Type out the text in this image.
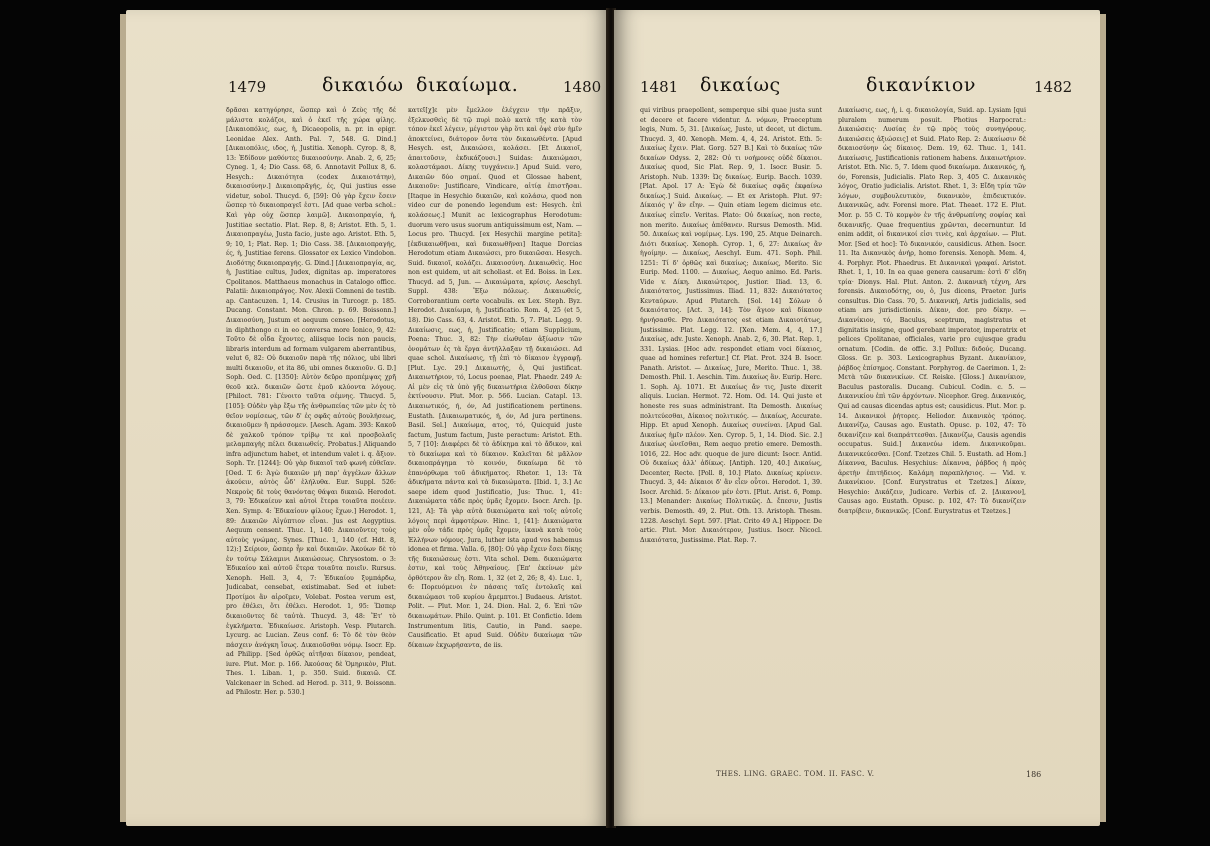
1479	δικαιόω δικαίωμα.	1480

δρᾶσαι κατηγόρησε, ὥσπερ καὶ ὁ Ζεὺς τῆς δέ μάλιστα κολάζοι, καὶ ὁ ἐκεῖ τῆς χώρα φίλης. [Δικαιοπόλις, εως, ἡ, Dicaeopolis, n. pr. in epigr. Leonidae Alex. Anth. Pal. 7, 548. G. Dind.] [Δικαιοπόλις, ιδος, ἡ, Justitia. Xenoph. Cyrop. 8, 8, 13: Ἐδίδουν μαθόντες δικαιοσύνην. Anab. 2, 6, 25; Cyneg. 1, 4; Dio Cass. 68, 6. Annotavit Pollux 8, 6. Hesych.: Δικαιότητα (codex Δικαιοτάτην), δικαιοσύνην.] Δικαιοπρᾶγής, ές, Qui justius esse videtur, sobol. Thucyd. 6, [59]: Οὐ γὰρ ἔχειν ἔσειν ὥσπερ τὸ δικαιοπραγεῖ ἐστι. [Ad quae verba schol.: Καὶ γὰρ οὐχ ὥσπερ λαιμῶ]. Δικαιοπραγία, ἡ, Justitiae sectatio. Plat. Rep. 8, 8; Aristot. Eth. 5, 1. Δικαιοπραγέω, Justa facio, juste ago. Aristot. Eth. 5, 9; 10, 1; Plat. Rep. 1; Dio Cass. 38. [Δικαιοπραγής, ές, ἡ, Justitiae ferens. Glossator ex Lexico Vindobon. Διοδότης δικαιοπραγής. G. Dind.] [Δικαιοπραγία, ας, ἡ, Justitiae cultus, Judex, dignitas ap. imperatores Cpolitanos. Matthaeus monachus in Catalogo officc. Palatii: Δικαιοπράγος. Nov. Alexii Comneni de testib. ap. Cantacuzen. 1, 14. Crusius in Turcogr. p. 185. Ducang. Constant. Mon. Chron. p. 69. Boissonn.] Δικαιοσύνη, Justum et aequum censeo. [Herodotus, in diphthongo ει in eo conversa more Ionico, 9, 42: Τοῦτο δὲ οἶδα ἔχοντες, aliisque locis non paucis, libraris interdum ad formam vulgarem aberrantibus, velut 6, 82: Οὐ δικαιοῦν παρὰ τῆς πόλιος, ubi libri multi δικαιοῦν, et ita 86, ubi omnes δικαιοῦν. G. D.] Soph. Oed. C. [1350]: Αὐτὸν δεῦρο προπέμψας χρῆ θεοῦ κελ. δικαιῶν ὥστε ἐμοῦ κλύοντα λόγους. [Philoct. 781: Γένοιτο ταῦτα σέμνης. Thucyd. 5, [105]: Οὐδὲν γὰρ ἔξω τῆς ἀνθρωπείας τῶν μὲν ἐς τὸ θεῖον νομίσεως, τῶν δ' ἐς σφᾶς αὐτοὺς βουλήσεως, δικαιοῦμεν ἢ πράσσομεν. [Aesch. Agam. 393: Κακοῦ δὲ χαλκοῦ τρόπον τρίβῳ τε καὶ προσβολαῖς μελαμπαγὴς πέλει δικαιωθείς. Probatus.] Aliquando infra adjunctum habet, et intendum valet i. q. ἄξιον. Soph. Tr. [1244]: Οὐ γὰρ δικαιοῖ ταῦ φωνὴ εὐθεῖαν. [Oed. T. 6: Ἁγὼ δικαιῶν μὴ παρ' ἀγγέλων ἄλλων ἀκούειν, αὐτὸς ὧδ' ἐλήλυθα. Eur. Suppl. 526: Νεκροὺς δὲ τοὺς θανόντας θάψαι δικαιῶ. Herodot. 3, 79: Ἐδικαίευν καὶ αὐτοὶ ἕτερα τοιαῦτα ποιέειν. Xen. Symp. 4: Ἐδικαίουν φίλους ἔχων.] Herodot. 1, 89: Δικαιῶν Αἰγύπτιον εἶναι. Jus est Aegyptius. Aequum censent. Thuc. 1, 140: Δικαιοῦντες τοὺς αὐτοὺς γνώμας. Synes. [Thuc. 1, 140 (cf. Hdt. 8, 12):] Σείριον, ὥσπερ ἦν καὶ δικαιῶν. Ἀκούων δὲ τὸ ἐν τούτῳ Σάλαμινι Δικαιώσεως. Chrysostom. ο 3: Ἐδικαίου καὶ αὐτοῦ ἕτερα τοιαῦτα ποιεῖν. Rursus. Xenoph. Hell. 3, 4, 7: Ἐδικαίου ξυμπάρδω, Judicabat, censebat, existimabat. Sed et iubet: Προτίμοι ἂν αἰροῖμεν, Volebat. Postea verum est, pro ἐθέλει, ὅτι ἐθέλει. Herodot. 1, 95: Ὥσπερ δικαιοῦντες δὲ ταὐτὰ. Thucyd. 3, 48: Ἔτ' τὸ ἐγκλήματα. Ἐδικαίωσε. Aristoph. Vesp. Plutarch. Lycurg. ac Lucian. Zeus conf. 6: Τὸ δὲ τὸν θεὸν πάσχειν ἀνάγκη ἴσως. Δικαιοῦσθαι νόμῳ. Isocr. Ep. ad Philipp. [Sed ὀρθῶς αἰτῆσαι δίκαιον, pendeat, iure. Plut. Mor. p. 166. Ἀκούσας δὲ Ὁμηρικὸν, Plut. Thes. 1. Liban. 1, p. 350. Suid. δικαιῶ. Cf. Valckenaer in Sched. ad Herod. p. 311, 9. Boissonn. ad Philostr. Her. p. 530.]

κατεῖ[χ]ε μὲν ἔμελλον ἐλέγχειν τὴν πρᾶξιν, ἐξελκυσθεὶς δὲ τῷ πυρὶ πολὺ κατὰ τῆς κατὰ τὸν τόπον ἐκεῖ λέγειν, μέγιστον γὰρ ὅτι καὶ ὀψὲ σὺν ἡμῖν ἀποκτείνει, διάτορον ὄντα τὸν δικαιωθέντα. [Apud Hesych. est, Δικαιώσει, κολάσει. [Et Δικαιοῖ, ἀπαιτοῦσιν, ἐκδικάζουσι.] Suidas: Δικαιώμασι, κολαστάμασι. Δίκης τυγχάνειν.] Apud Suid. vero, Δικαιῶν δύο σημαί. Quod et Glossae habent, Δικαιοῦν: Justificare, Vindicare, αἰτίᾳ ἐπιστῆσαι. [Itaque in Hesychio δικαιῶν, καὶ κολάσω, quod non video cur de ponendo legendum est: Hesych. ἐπὶ κολάσεως.] Munit ac lexicographus Herodotum: duorum vero usus suorum antiquissimum est, Nam. — Locus pro. Thucyd. [ex Hesychii margine petita]: [ἐκδικαιωθῆναι, καὶ δικαιωθῆναι] Itaque Dorcias Herodotum etiam Δικαιώσει, pro δικαιῶσαι. Hesych. Suid. δικαιοῖ, κολάζει. Δικαιοσύνη. Δικαιωθεὶς. Hoc non est quidem, ut ait scholiast. et Ed. Boiss. in Lex. Thucyd. ad 5, Jun. — Δικαιώματα, κρίσις. Aeschyl. Suppl. 438: Ἔξω πόλεως. Δικαιωθείς, Corroborantium certe vocabulis. ex Lex. Steph. Byz. Herodot. Δικαίωμα, ἡ. Justificatio. Rom. 4, 25 (et 5, 18). Dio Cass. 63, 4. Aristot. Eth. 5, 7. Plat. Legg. 9. Δικαίωσις, εως, ἡ, Justificatio; etiam Supplicium, Poena: Thuc. 3, 82: Τὴν εἰωθυῖαν ἀξίωσιν τῶν ὀνομάτων ἐς τὰ ἔργα ἀντήλλαξαν τῇ δικαιώσει. Ad quae schol. Δικαίωσις, τῇ ἐπὶ τὸ δίκαιον ἐγγραφῇ. [Plut. Lyc. 29.] Δικαιωτής, ὁ, Qui justificat. Δικαιωτήριον, τό, Locus poenae, Plat. Phaedr. 249 A: Αἱ μὲν εἰς τὰ ὑπὸ γῆς δικαιωτήρια ἐλθοῦσαι δίκην ἐκτίνουσιν. Plut. Mor. p. 566. Lucian. Catapl. 13. Δικαιωτικός, ή, όν, Ad justificationem pertinens. Eustath. [Δικαιωματικός, ή, όν, Ad jura pertinens. Basil. Sel.] Δικαίωμα, ατος, τό, Quicquid juste factum, Justum factum, Juste peractum: Aristot. Eth. 5, 7 [10]: Διαφέρει δὲ τὸ ἀδίκημα καὶ τὸ ἄδικον, καὶ τὸ δικαίωμα καὶ τὸ δίκαιον. Καλεῖται δὲ μᾶλλον δικαιοπράγημα τὸ κοινόν, δικαίωμα δὲ τὸ ἐπανόρθωμα τοῦ ἀδικήματος. Rhetor. 1, 13: Τὰ ἀδικήματα πάντα καὶ τὰ δικαιώματα. [Ibid. 1, 3.] Ac saepe idem quod Justificatio, Jus: Thuc. 1, 41: Δικαιώματα τάδε πρὸς ὑμᾶς ἔχομεν. Isocr. Arch. [p. 121, A]: Τὰ γὰρ αὐτὰ δικαιώματα καὶ τοῖς αὐτοῖς λόγοις περὶ ἀμφοτέρων. Hinc. 1, [41]: Δικαιώματα μὲν οὖν τάδε πρὸς ὑμᾶς ἔχομεν, ἱκανὰ κατὰ τοὺς Ἑλλήνων νόμους. Jura, luther ista apud vos habemus idonea et firma. Valla. 6, [80]: Οὐ γὰρ ἔχειν ἔσει δίκης τῆς δικαιώσεως ἐστι. Vita schol. Dem. δικαιώματα ἐστιν, καὶ τοὺς Ἀθηναίους. [Ἐπ' ἐκείνων μὲν ὀρθότερον ἂν εἴη. Rom. 1, 32 (et 2, 26; 8, 4). Luc. 1, 6: Πορευόμενοι ἐν πάσαις ταῖς ἐντολαῖς καὶ δικαιώμασι τοῦ κυρίου ἄμεμπτοι.] Budaeus. Aristot. Polit. — Plut. Mor. 1, 24. Dion. Hal. 2, 6. Ἐπὶ τῶν δικαιωμάτων. Philo. Quint. p. 101. Et Confictio. Idem Instrumentum litis, Cautio, in Pand. saepe. Causificatio. Et apud Suid. Οὐδὲν δικαίωμα τῶν δίκαιων ἐκχωρήσαντα, de iis.

1481 δικαίως	δικανίκιον	1482

qui viribus praepollent, semperque sibi quae justa sunt et decere et facere videntur. Δ. νόμων, Praeceptum legis, Num. 5, 31. [Δικαίως, Juste, ut decet, ut dictum. Thucyd. 3, 40. Xenoph. Mem. 4, 4, 24. Aristot. Eth. 5: Δικαίως ἔχειν. Plat. Gorg. 527 B.] Καὶ τὸ δικαίως τῶν δικαίων Odyss. 2, 282: Οὐ τι νοήμονες οὐδὲ δίκαιοι. Δικαίως quod, Sic Plat. Rep. 9, 1. Isocr. Busir. 5. Aristoph. Nub. 1339: Ὡς δικαίως. Eurip. Bacch. 1039. [Plat. Apol. 17 A: Ἐγὼ δὲ δικαίως σφᾶς ἐκφαίνω δικαίως.] Suid. Δικαίως. — Et ex Aristoph. Plut. 97: Δίκαιός γ' ἂν εἴην. — Quin etiam legem dicimus etc. Δικαίως εἰπεῖν. Veritas. Plato: Οὐ δικαίως, non recte, non merito. Δικαίως ἀπέθανεν. Rursus Demosth. Mid. 50. Δικαίως καὶ νομίμως. Lys. 190, 25. Atque Deinarch. Διότι δικαίως. Xenoph. Cyrop. 1, 6, 27: Δικαίως ἂν ἡγοίμην. — Δικαίως, Aeschyl. Eum. 471. Soph. Phil. 1251: Τί δ' ὀρθῶς καὶ δικαίως; Δικαίως, Merito. Sic Eurip. Med. 1100. — Δικαίως, Aequo animo. Ed. Paris. Vide v. Δίκη. Δικαιώτερος, Justior. Iliad. 13, 6. Δικαιότατος, Justissimus. Iliad. 11, 832: Δικαιότατος Κενταύρων. Apud Plutarch. [Sol. 14] Σόλων ὁ δικαιότατος. [Act. 3, 14]: Τὸν ἅγιον καὶ δίκαιον ἠρνήσασθε. Pro Δικαιότατος est etiam Δικαιοτάτως, Justissime. Plat. Legg. 12. [Xen. Mem. 4, 4, 17.] Δικαίως, adv. Juste. Xenoph. Anab. 2, 6, 30. Plat. Rep. 1, 331. Lysias. [Hoc adv. respondet etiam voci δίκαιος, quae ad homines refertur.] Cf. Plat. Prot. 324 B. Isocr. Panath. Aristot. — Δικαίως, Jure, Merito. Thuc. 1, 38. Demosth. Phil. 1. Aeschin. Tim. Δικαίως ἂν. Eurip. Herc. 1. Soph. Aj. 1071. Et Δικαίως ἄν τις, Juste dixerit aliquis. Lucian. Hermot. 72. Hom. Od. 14. Qui juste et honeste res suas administrant. Ita Demosth. Δικαίως πολιτεύεσθαι, Δίκαιος πολιτικός. — Δικαίως, Accurate. Hipp. Et apud Xenoph. Δικαίως συνείναι. [Apud Gal. Δικαίως ἡμῖν πλέον. Xen. Cyrop. 5, 1, 14. Diod. Sic. 2.] Δικαίως ὠνεῖσθαι, Rem aequo pretio emere. Demosth. 1016, 22. Hoc adv. quoque de jure dicunt: Isocr. Antid. Οὐ δικαίως ἀλλ' ἀδίκως. [Antiph. 120, 40.] Δικαίως, Decenter, Recte. [Poll. 8, 10.] Plato. Δικαίως κρίνειν. Thucyd. 3, 44: Δίκαιοι δ' ἂν εἶεν οὗτοι. Herodot. 1, 39. Isocr. Archid. 5: Δίκαιον μέν ἐστι. [Plut. Arist. 6, Pomp. 13.] Menander: Δικαίως Πολιτικῶς. Δ. ἔπεσιν, Justis verbis. Demosth. 49, 2. Plut. Oth. 13. Aristoph. Thesm. 1228. Aeschyl. Sept. 597. [Plat. Crito 49 A.] Hippocr. De artic. Plut. Mor. Δικαιότερον, Justius. Isocr. Nicocl. Δικαιότατα, Justissime. Plat. Rep. 7.

Δικαίωσις, εως, ἡ, i. q. δικαιολογία, Suid. ap. Lysiam [qui pluralem numerum posuit. Photius Harpocrat.: Δικαιώσεις· Λυσίας ἐν τῷ πρὸς τοὺς συνηγόρους. Δικαιώσεις ἀξιώσεις] et Suid. Plato Rep. 2: Δικαίωσιν δὲ δικαιοσύνην ὡς δίκαιος. Dem. 19, 62. Thuc. 1, 141. Δικαίωσις, Justificationis rationem habens. Δικαιωτήριον. Aristot. Eth. Nic. 5, 7. Idem quod δικαίωμα. Δικανικός, ή, όν, Forensis, Judicialis. Plato Rep. 3, 405 C. Δικανικὸς λόγος, Oratio judicialis. Aristot. Rhet. 1, 3: Εἴδη τρία τῶν λόγων, συμβουλευτικὸν, δικανικὸν, ἐπιδεικτικόν. Δικανικῶς, adv. Forensi more. Plat. Theaet. 172 E. Plut. Mor. p. 55 C. Τὸ κομψὸν ἐν τῆς ἀνθρωπίνης σοφίας καὶ δικανικῆς. Quae frequentius χρῶνται, decernuntur. Id enim addit, οἱ δικανικοί εἰσι τινὲς, καὶ ἀρχαίων. — Plut. Mor. [Sed et hoc]: Τὸ δικανικόν, causidicus. Athen. Isocr. 11. Ita Δικανικὸς ἀνήρ, homo forensis. Xenoph. Mem. 4, 4. Porphyr. Plot. Phaedrus. Et Δικανικαὶ γραφαί. Aristot. Rhet. 1, 1, 10. In ea quae genera causarum: ἐστὶ δ' εἴδη τρία· Dionys. Hal. Plut. Anton. 2. Δικανικὴ τέχνη, Ars forensis. Δικαιοδότης, ου, ὁ, Jus dicens, Praetor. Juris consultus. Dio Cass. 70, 5. Δικανική, Artis judicialis, sed etiam ars jurisdictionis. Δίκαν, dor. pro δίκην. — Δικανίκιον, τό, Baculus, sceptrum, magistratus et dignitatis insigne, quod gerebant imperator, imperatrix et pelices Cpolitanae, officiales, varie pro cujusque gradu ornatum. [Codin. de offic. 3.] Pollux: διδούς. Ducang. Gloss. Gr. p. 303. Lexicographus Byzant. Δικανίκιον, ῥάβδος ἐπίσημος. Constant. Porphyrog. de Caerimon. 1, 2: Μετὰ τῶν δικανικίων. Cf. Reiske. [Gloss.] Δικανίκιον, Baculus pastoralis. Ducang. Cubicul. Codin. c. 5. — Δικανικίου ἐπὶ τῶν ἀρχόντων. Nicephor. Greg. Δικανικός, Qui ad causas dicendas aptus est; causidicus. Plut. Mor. p. 14. Δικανικοὶ ῥήτορες. Heliodor. Δικανικὸς τρόπος. Δικανίζω, Causas ago. Eustath. Opusc. p. 102, 47: Τὸ δικανίζειν καὶ διαπράττεσθαι. [Δικανίζω, Causis agendis occupatus. Suid.] Δικανεύω idem. Δικανικοῦμαι. Δικανικεύεσθαι. [Conf. Tzetzes Chil. 5. Eustath. ad Hom.] Δίκαννα, Baculus. Hesychius: Δίκαννα, ῥάβδος ἡ πρὸς ἀρετὴν ἐπιτήδειος. Καλάμη παραπλήσιος. — Vid. v. Δικανίκιον. [Conf. Eurystratus et Tzetzes.] Δίκαν, Hesychio: Δικάζειν, Judicare. Verbis cf. 2. [Δικανον], Causas ago. Eustath. Opusc. p. 102, 47: Τὸ δικανίζειν διατρίβειν, δικανικῶς. [Conf. Eurystratus et Tzetzes.]

THES. LING. GRAEC. TOM. II. FASC. V.	186
